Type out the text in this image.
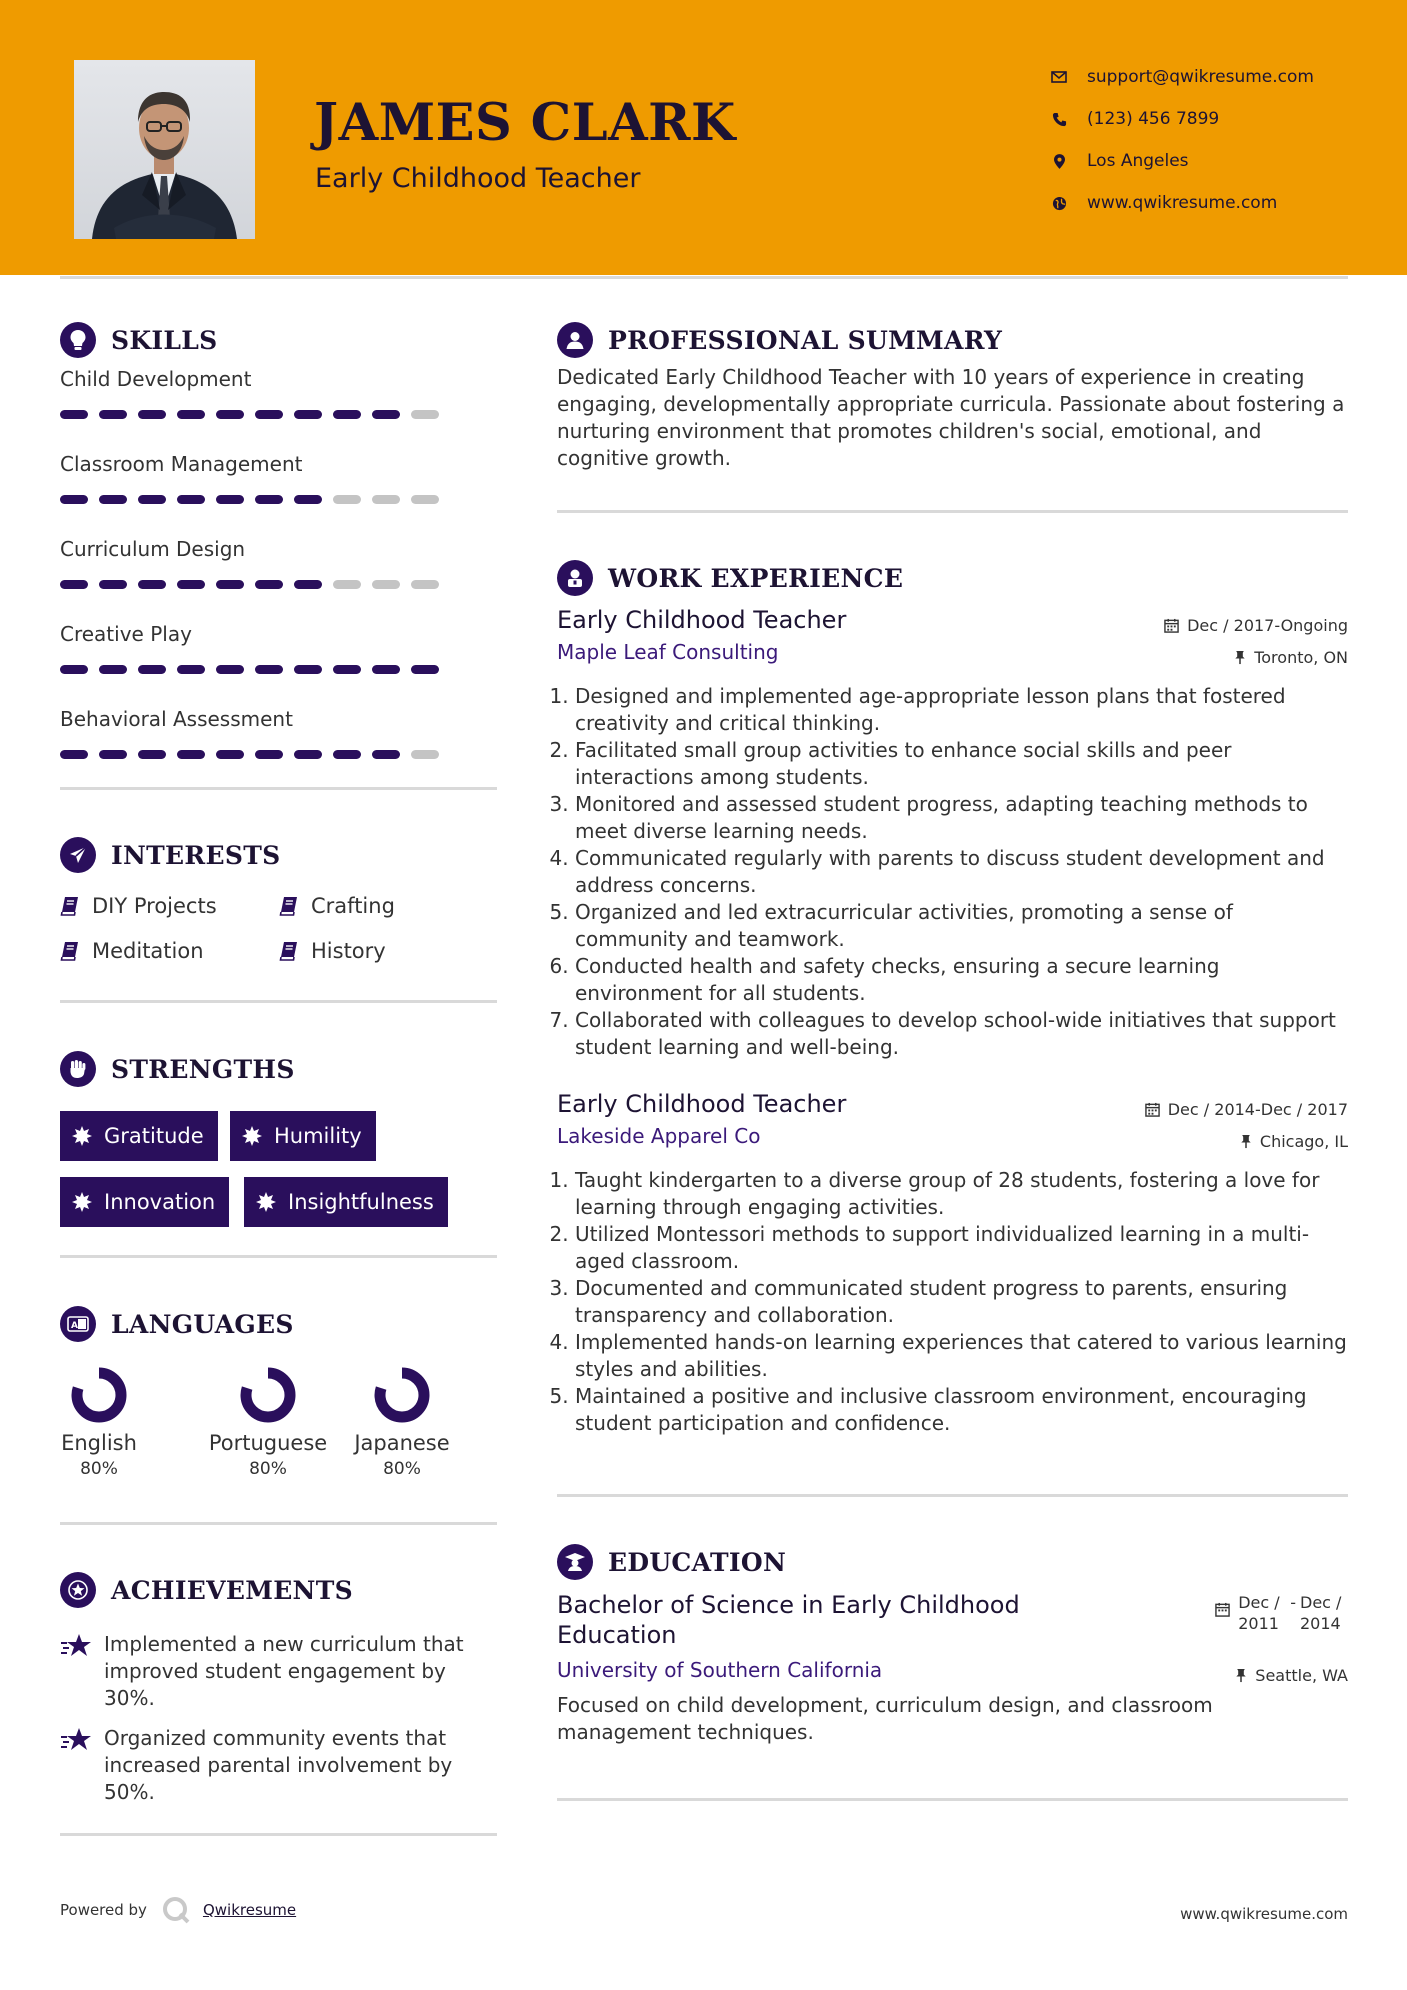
JAMES CLARK
Early Childhood Teacher
support@qwikresume.com
(123) 456 7899
Los Angeles
www.qwikresume.com
SKILLS
Child Development
Classroom Management
Curriculum Design
Creative Play
Behavioral Assessment
INTERESTS
DIY Projects	Crafting
Meditation	History
STRENGTHS
Gratitude	Humility
Innovation	Insightfulness
A LANGUAGES
English
80%
Portuguese
80%
Japanese
80%
ACHIEVEMENTS
Implemented a new curriculum that improved student engagement by 30%.
Organized community events that increased parental involvement by 50%.
PROFESSIONAL SUMMARY

Dedicated Early Childhood Teacher with 10 years of experience in creating engaging, developmentally appropriate curricula. Passionate about fostering a nurturing environment that promotes children's social, emotional, and cognitive growth.

WORK EXPERIENCE
Early Childhood Teacher
Maple Leaf Consulting
Dec / 2017-Ongoing
Toronto, ON
1. Designed and implemented age-appropriate lesson plans that fostered creativity and critical thinking.
2. Facilitated small group activities to enhance social skills and peer interactions among students.
3. Monitored and assessed student progress, adapting teaching methods to meet diverse learning needs.
4. Communicated regularly with parents to discuss student development and address concerns.
5. Organized and led extracurricular activities, promoting a sense of community and teamwork.
6. Conducted health and safety checks, ensuring a secure learning environment for all students.
7. Collaborated with colleagues to develop school-wide initiatives that support student learning and well-being.
Early Childhood Teacher
Lakeside Apparel Co
Dec / 2014-Dec / 2017
Chicago, IL
1. Taught kindergarten to a diverse group of 28 students, fostering a love for learning through engaging activities.
2. Utilized Montessori methods to support individualized learning in a multi-aged classroom.
3. Documented and communicated student progress to parents, ensuring transparency and collaboration.
4. Implemented hands-on learning experiences that catered to various learning styles and abilities.
5. Maintained a positive and inclusive classroom environment, encouraging student participation and confidence.
EDUCATION
Bachelor of Science in Early Childhood Education
University of Southern California
Dec / 2011
- Dec / 2014
Seattle, WA

Focused on child development, curriculum design, and classroom management techniques.

Powered by	Qwikresume	www.qwikresume.com
